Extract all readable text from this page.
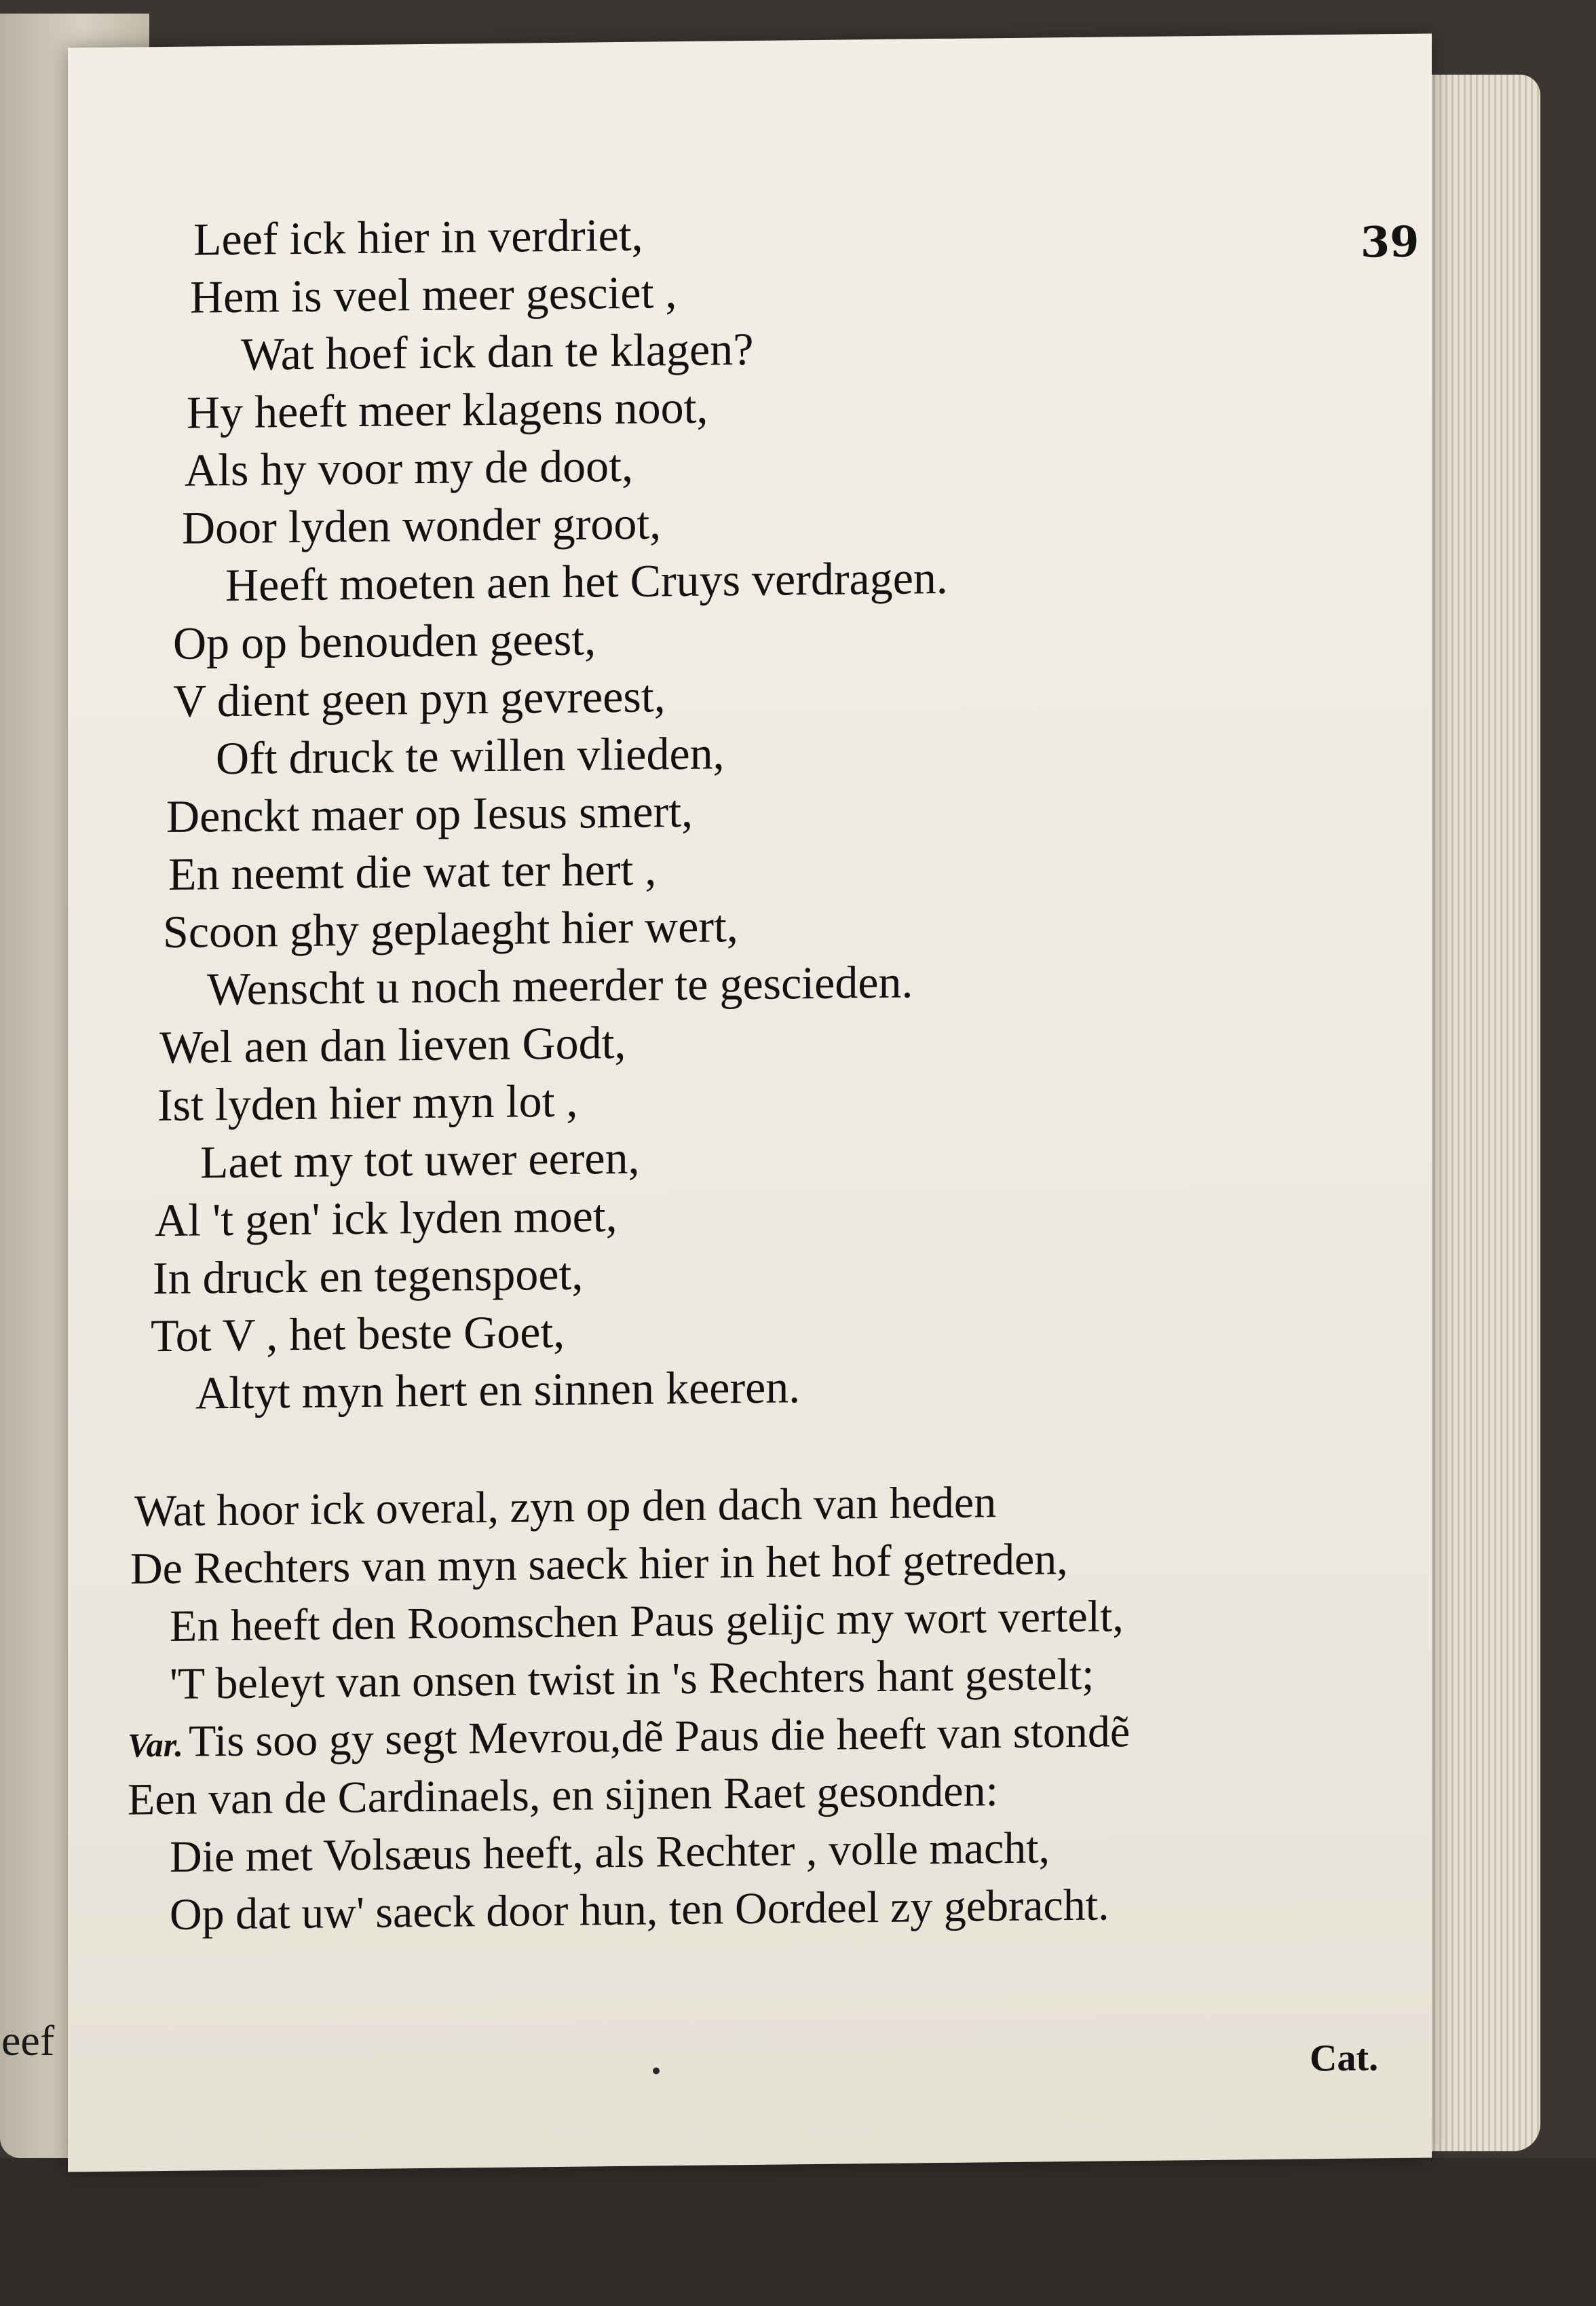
eef
39
Leef ick hier in verdriet,
Hem is veel meer gesciet ,
Wat hoef ick dan te klagen?
Hy heeft meer klagens noot,
Als hy voor my de doot,
Door lyden wonder groot,
Heeft moeten aen het Cruys verdragen.
Op op benouden geest,
V dient geen pyn gevreest,
Oft druck te willen vlieden,
Denckt maer op Iesus smert,
En neemt die wat ter hert ,
Scoon ghy geplaeght hier wert,
Wenscht u noch meerder te gescieden.
Wel aen dan lieven Godt,
Ist lyden hier myn lot ,
Laet my tot uwer eeren,
Al 't gen' ick lyden moet,
In druck en tegenspoet,
Tot V , het beste Goet,
Altyt myn hert en sinnen keeren.
Wat hoor ick overal, zyn op den dach van heden
De Rechters van myn saeck hier in het hof getreden,
En heeft den Roomschen Paus gelijc my wort vertelt,
'T beleyt van onsen twist in 's Rechters hant gestelt;
Var. Tis soo gy segt Mevrou,dẽ Paus die heeft van stondẽ
Een van de Cardinaels, en sijnen Raet gesonden:
Die met Volsæus heeft, als Rechter , volle macht,
Op dat uw' saeck door hun, ten Oordeel zy gebracht.
Cat.
